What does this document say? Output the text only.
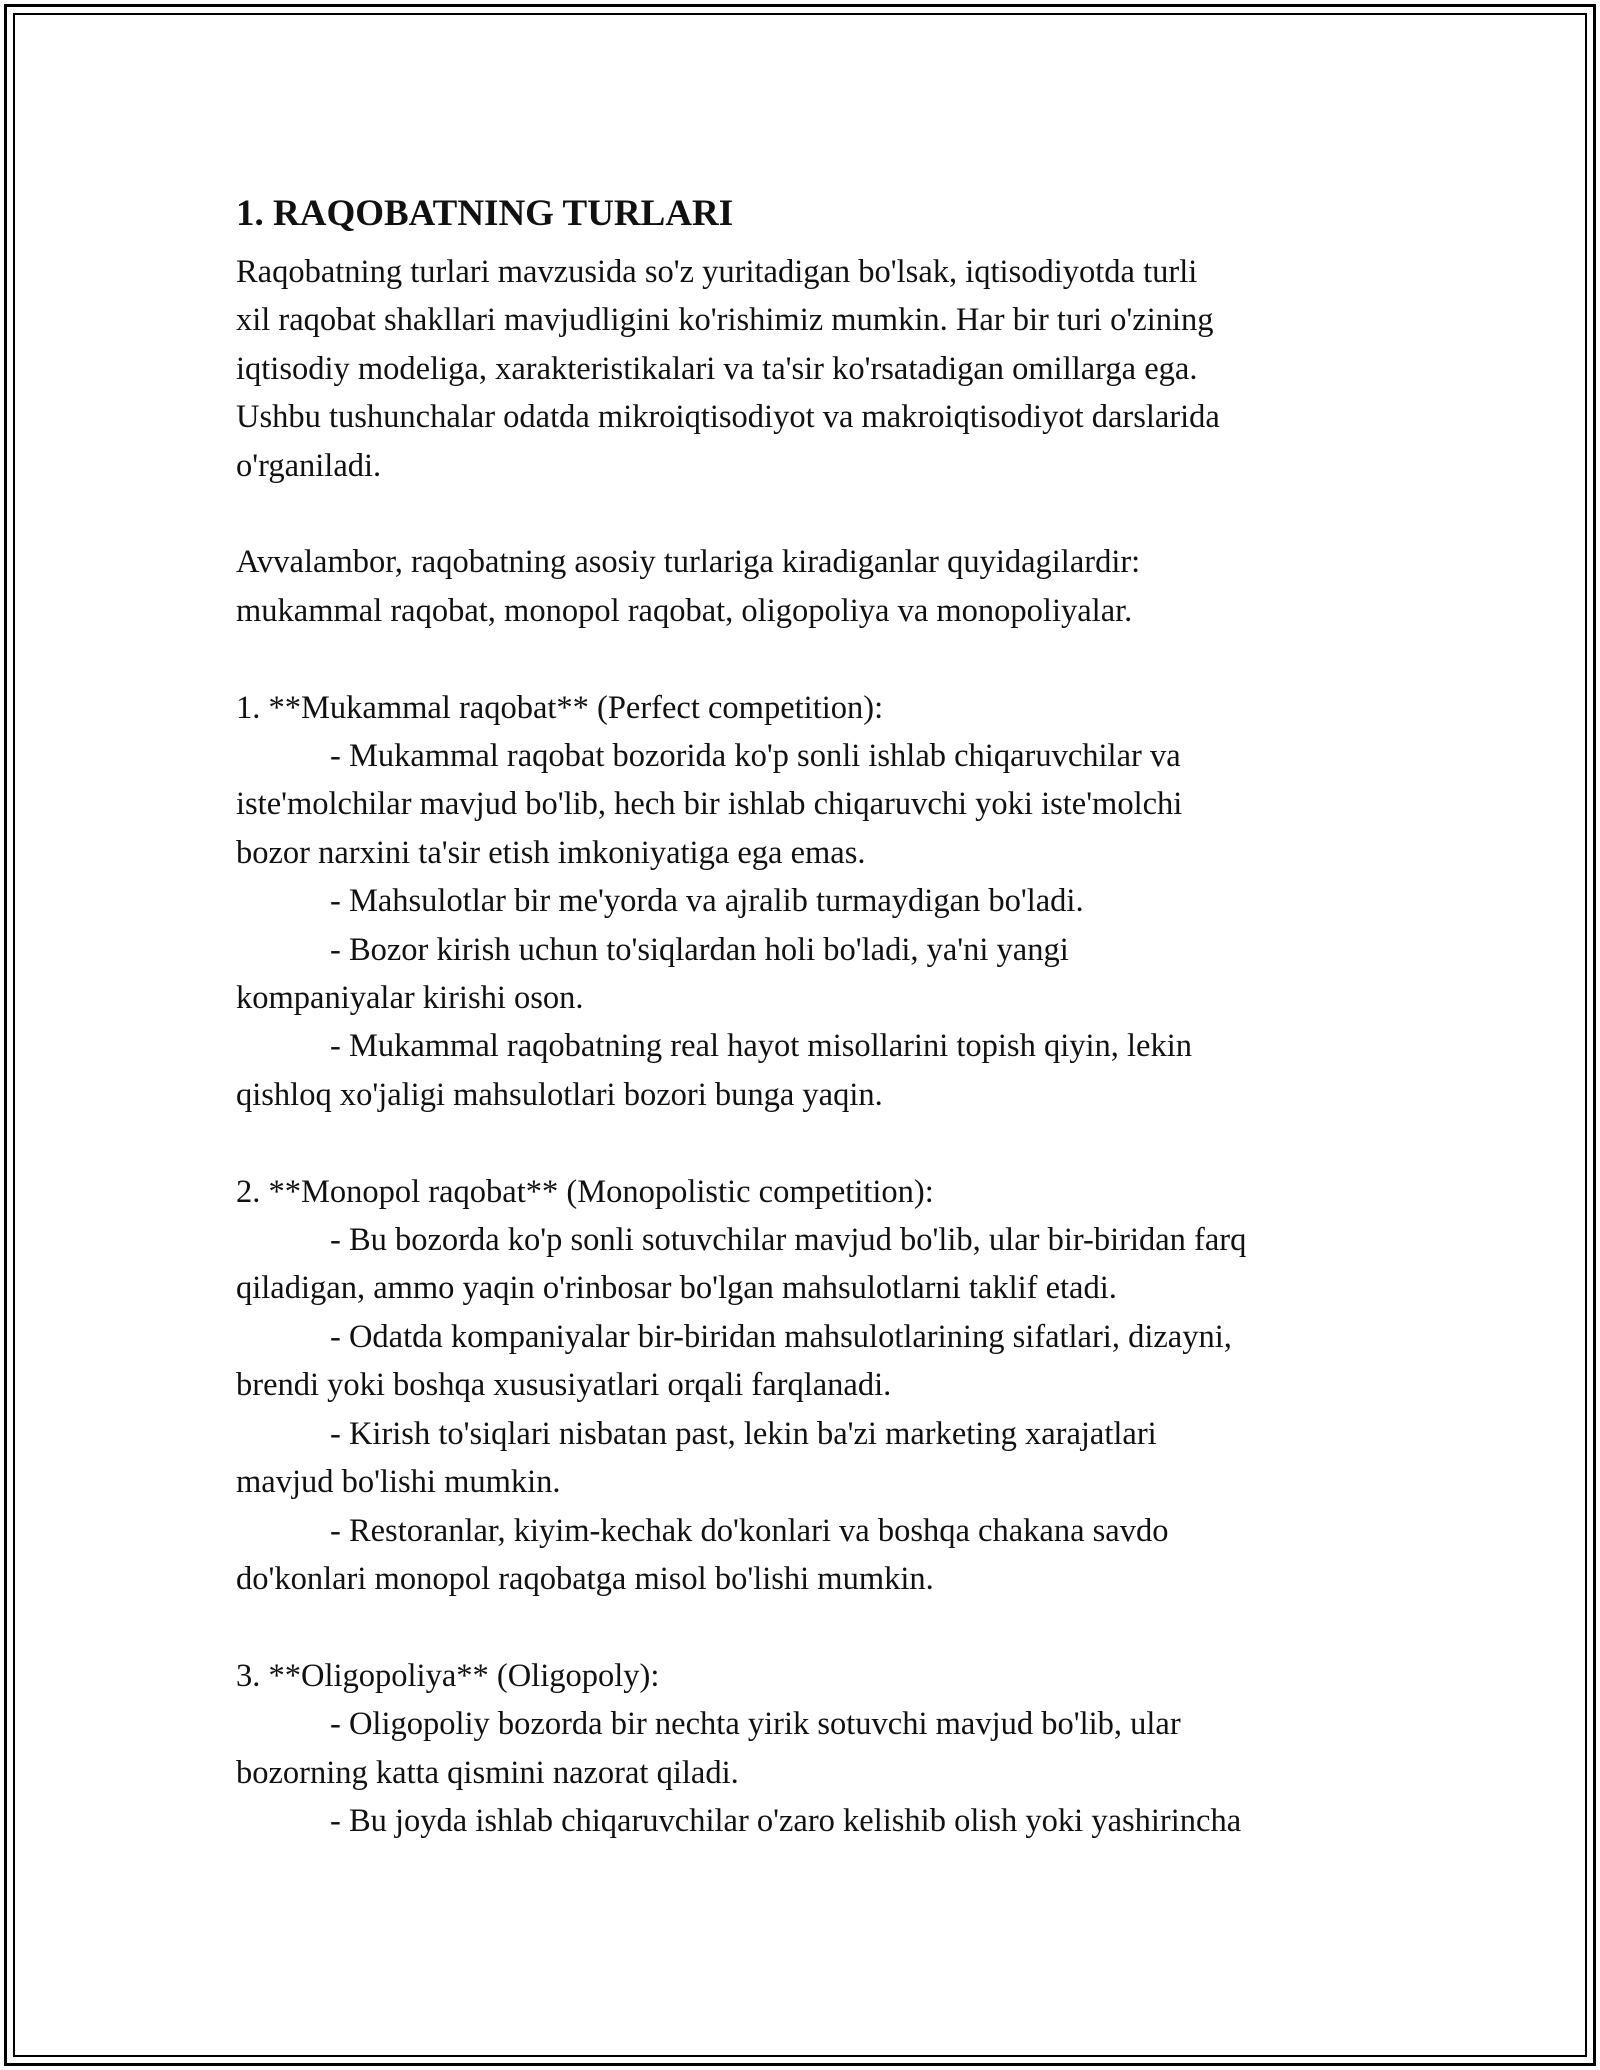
1. RAQOBATNING TURLARI
Raqobatning turlari mavzusida so'z yuritadigan bo'lsak, iqtisodiyotda turli
xil raqobat shakllari mavjudligini ko'rishimiz mumkin. Har bir turi o'zining
iqtisodiy modeliga, xarakteristikalari va ta'sir ko'rsatadigan omillarga ega.
Ushbu tushunchalar odatda mikroiqtisodiyot va makroiqtisodiyot darslarida
o'rganiladi.
Avvalambor, raqobatning asosiy turlariga kiradiganlar quyidagilardir:
mukammal raqobat, monopol raqobat, oligopoliya va monopoliyalar.
1. **Mukammal raqobat** (Perfect competition):
- Mukammal raqobat bozorida ko'p sonli ishlab chiqaruvchilar va
iste'molchilar mavjud bo'lib, hech bir ishlab chiqaruvchi yoki iste'molchi
bozor narxini ta'sir etish imkoniyatiga ega emas.
- Mahsulotlar bir me'yorda va ajralib turmaydigan bo'ladi.
- Bozor kirish uchun to'siqlardan holi bo'ladi, ya'ni yangi
kompaniyalar kirishi oson.
- Mukammal raqobatning real hayot misollarini topish qiyin, lekin
qishloq xo'jaligi mahsulotlari bozori bunga yaqin.
2. **Monopol raqobat** (Monopolistic competition):
- Bu bozorda ko'p sonli sotuvchilar mavjud bo'lib, ular bir-biridan farq
qiladigan, ammo yaqin o'rinbosar bo'lgan mahsulotlarni taklif etadi.
- Odatda kompaniyalar bir-biridan mahsulotlarining sifatlari, dizayni,
brendi yoki boshqa xususiyatlari orqali farqlanadi.
- Kirish to'siqlari nisbatan past, lekin ba'zi marketing xarajatlari
mavjud bo'lishi mumkin.
- Restoranlar, kiyim-kechak do'konlari va boshqa chakana savdo
do'konlari monopol raqobatga misol bo'lishi mumkin.
3. **Oligopoliya** (Oligopoly):
- Oligopoliy bozorda bir nechta yirik sotuvchi mavjud bo'lib, ular
bozorning katta qismini nazorat qiladi.
- Bu joyda ishlab chiqaruvchilar o'zaro kelishib olish yoki yashirincha
